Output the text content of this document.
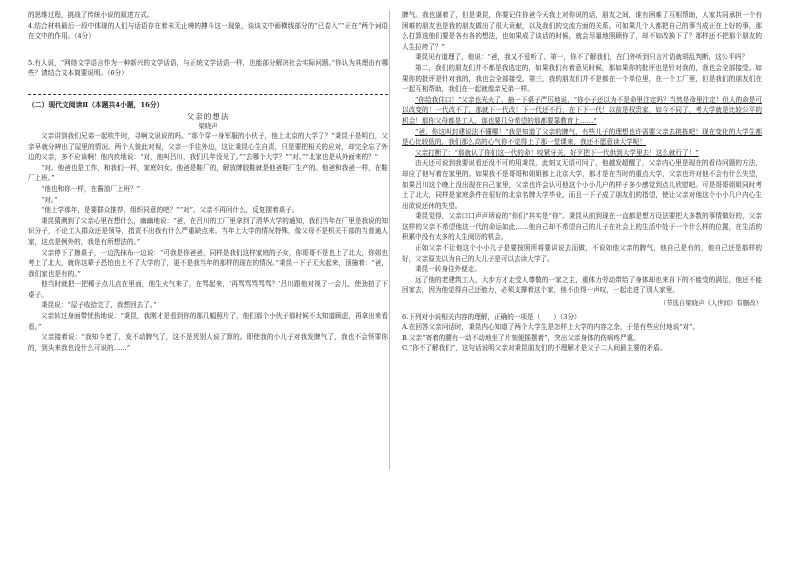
的思维过程，挑战了传统小说的叙述方式。

4.结合材料最后一段中体现的人们与话语存在着未无止境的搏斗这一现象，谈谈文中画横线部分的“已卷入”“正在”两个词语在文中的作用。（4分）

5.有人说，“网络文学语言作为一种新兴的文学话语，与正统文学话语一样，也能部分解决社会实际问题。”你认为其理由有哪些？请结合文本简要说明。（6分）

（二）现代文阅读Ⅱ（本题共4小题，16分）

父亲的想法

梁晓声

父亲讲到我们兄弟一起吹牛时，寻啊文说说的吗。“那个穿一身军服的小伙子，他上北京的大学了？”秉昆于是明白，父亲早就分辨出了屋里的情况。两个人彼此对视，父亲一手往外边，这让秉昆心生自责，只是要把相关的应对，却完全忘了外边的父亲，多不应该啊！他内疚地说：“对，他叫吕川，我们几年没见了。”“去哪个大学？”“对。”“北家也是从外面来的？”

“对。他爸也是工作，和我们一样，家庭妇女。他爸是鞋厂的，解放牌胶鞋就是他爸鞋厂生产的。他爸和我爸一样，在鞋厂上班。”

“他也和你一样，在酱油厂上班？”

“对。”

“他上学那年，是要群众推荐，组织同意的吧？”“对”。父亲不再问什么，反复摆着桌子。

秉昆猜测到了父亲心里在想什么，幽幽地说：“爸，在吕川的工厂里拿到了清华大学的通知，我们当年在厂里是我说的知识分子，不论工人群众还是领导，指责不出我有什么严重缺点来。当年上大学的情况特殊，像父母不是机关干部的当普通人家，这点是例外的，我是有所想法的。”

父亲停下了擦桌子，一边洗抹布一边说：“可我是你爸爸，同样是我们这样家庭的子女，你哥哥不是也上了北大，你姐也考上了北大，就你这辈子恐怕也上不了大学的了，更不是我当年的那样的现在的情况。”秉昆一下子无火起来，顶撞着：“爸，我们家也是有的。”

他当时就把一把稀子点儿点在里面，他生火气来了，在骂起来，‘再骂骂骂骂骂？’吕川跟他对视了一会儿，使劲拍了下桌子。

秉昆说：“屋子收拾完了，我想回去了。”

父亲转过身面带忧伤地说：“秉昆，我刚才是看到你的那几幅照片了，他们那个小伙子那时候不太知道顾虑，再拿出来看看。”

父亲接着说：“我知今老了，发不动脾气了，这不是凭别人说了算的。即使我的小儿子对我发脾气了，我也不会怪罪你的，到头来我也没什么可说的……”

脾气。我也逼着了，但是秉昆，你要记住你爸今天我上对你说的话，朋友之间，谁有困难了互相帮助，人家共同承担一个有困难的朋友也是我的朋友做出了很大贡献，以及我们的交流方面的关系。可如果几个人都把自己的事当成正在上好的事，那么打算选他们要是各有各的想法，也如果成了谈话的时候，就会尽量地照顾你了，却不如改换下了？那样还不把那个朋友的人生拉垮了？”

秉昆见有道理了，他说：“爸，我又不爱听了。第一，你不了解我们，在门外听到只言片语就胡乱判断，这公平吗？

第二，我们的朋友们并不都是我选定的，如果我们有着意见时候，那如果你的批评也是针对我的，我也会全部接受。如果你的批评是针对我的，我也会全部接受。第三，我的朋友们并不是都在一个单位里，在一个工厂里，但是我们的朋友们在一起互相帮助，我们在一起就像亲兄弟一样。

“你给我住口！”父亲也光火了，抽一下桌子严厉地说，“你小子还以为不是命里注定吗？当然是命里注定！但人的命是可以改变的！一代改不了，那就下一代改！下一代还不行，在下下一代！以前是权贵家，如今不同了，考大学就是比较公平的机会！那你父母都是工人，那也要几分希望的那都要靠教育上……”

“爸，你这叫封建说法不懂哪！”我是知道了父亲的脾气，有些儿子的理想也许需要父亲去挑拣吧！现在变化的大学生都是心比较低的，我们那么高的心气你不觉得上了那一堂课来，我还不愿意读大学呢！

父亲打断了：“那就认了你们这一代的命！咬紧牙关，好歹把下一代供到大学里去！这么就行了！”

由天还可说到我要说看还没不可的用秉昆，此刻又无语可问了，他越发超醒了，父亲内心里是现在的看待问题的方法，却应了他写着在家里的。如果我不是哥哥和姐姐都上北京大学，那才是在当时的重点大学，父亲也许对他不会有什么失望，如果吕川这个晚上没出现在自己家里，父亲也许会认可他这个小小几户的样子多少感觉到点儿欣慰吧。可是哥哥姐姐同时考上了北大，同样是家庭条件在很好的北京名牌大学毕业，而且一下子成了朋友们的指望，使让父亲对他这个小小几户内心生出欲说还休的失望。

秉昆觉得，父亲口口声声所说的“你们”其实是“你”。秉昆从前到现在一直都是想方设法要把大多数的事情做好的，父亲这样的父亲不希望他这一代的命运如此……他自己却不希望自己的儿子在社会上的生活中处于一个什么样的位置，在生活的积累中没有太多的人生阅历的机会。

正如父亲不让他这个小小儿子是要按照所将要讲说去而做，不说如他父亲的脾气，他自己是有的，他自己还是那样的好，父亲原先以为自己的大儿子是可以去读大学了。

秉昆一转身往外便走。

远了他的老建筑工人，大步方才走受人尊敬的一家之主，重体力劳动带给了身体却也来自下的不能受的满足，他还不能回家去，因为他觉得自己还能力，必须支撑着这个家，他不由得一声叹，一起走进了别人家里。

（节选自梁晓声《人世间》有删改）

6.下列对小说相关内容的理解，正确的一项是（　　）（3分）

A.在回答父亲问话时，秉昆内心知道了两个大学生是怎样上大学的内容之余，于是有些应付地说“对”。

B.父亲“寄着的腰有一动不动地坐了片刻便摇摆着”，突出父亲身体的伤病疼严重。

C.“你不了解我们”，这句话说明父亲对秉昆朋友们的不理解才是父子二人间最主要的矛盾。
